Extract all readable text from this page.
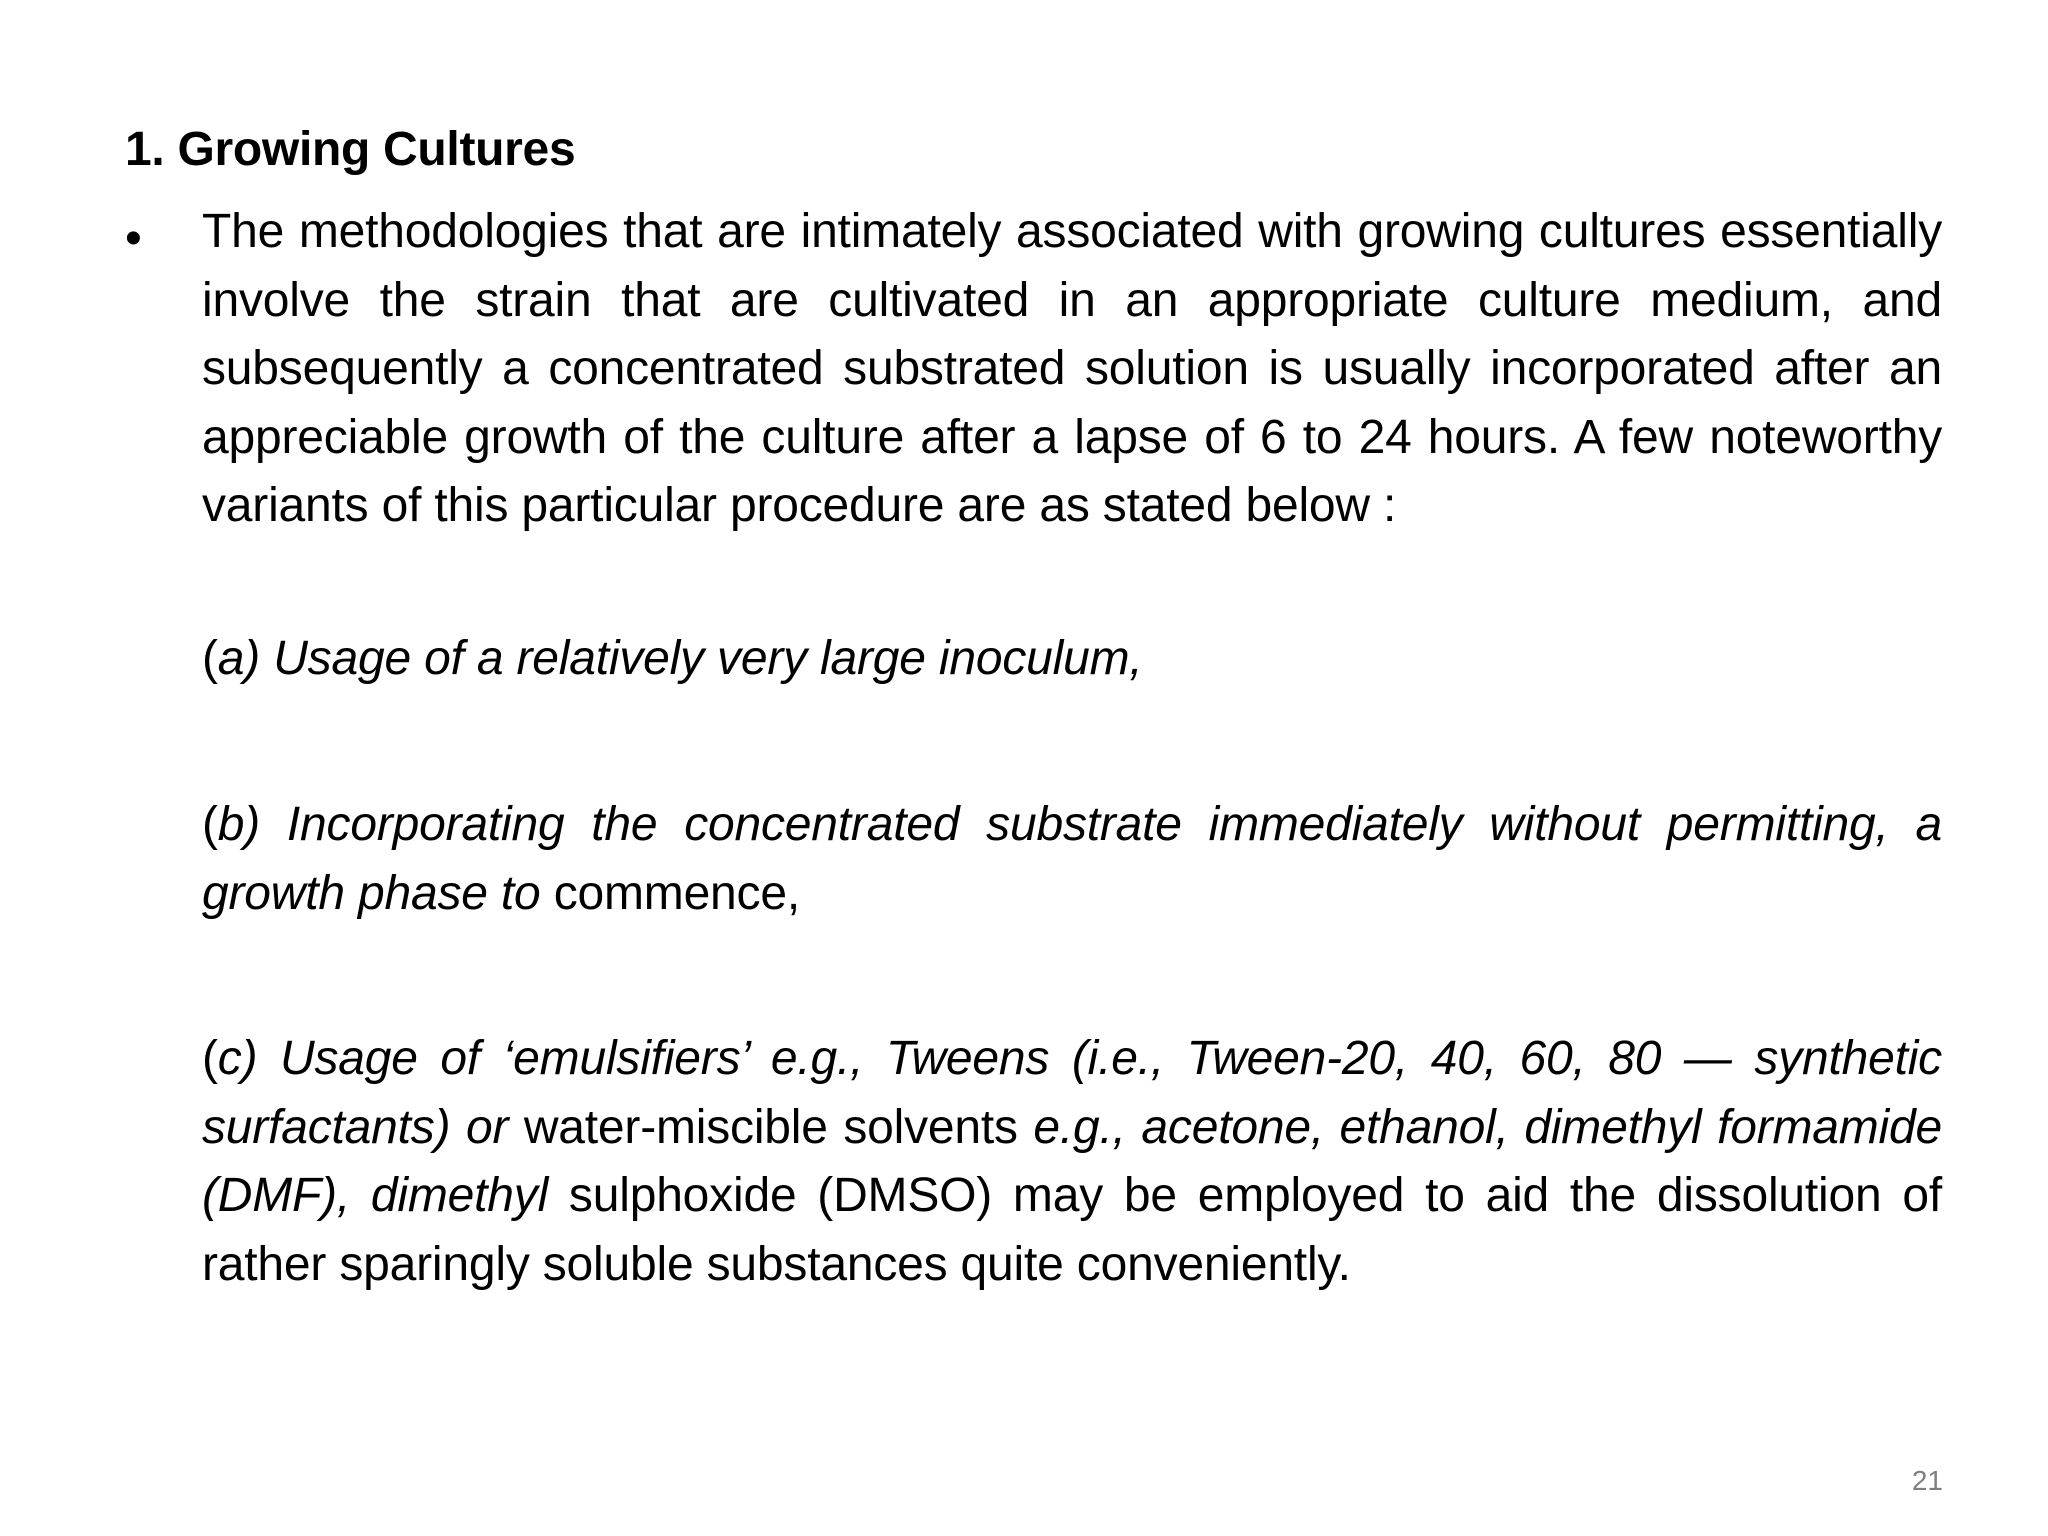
1. Growing Cultures
• The methodologies that are intimately associated with growing cultures essentially involve the strain that are cultivated in an appropriate culture medium, and subsequently a concentrated substrated solution is usually incorporated after an appreciable growth of the culture after a lapse of 6 to 24 hours. A few noteworthy variants of this particular procedure are as stated below :
(a) Usage of a relatively very large inoculum,
(b) Incorporating the concentrated substrate immediately without permitting, a growth phase to commence,
(c) Usage of ‘emulsifiers’ e.g., Tweens (i.e., Tween-20, 40, 60, 80 — synthetic surfactants) or water-miscible solvents e.g., acetone, ethanol, dimethyl formamide (DMF), dimethyl sulphoxide (DMSO) may be employed to aid the dissolution of rather sparingly soluble substances quite conveniently.
21
